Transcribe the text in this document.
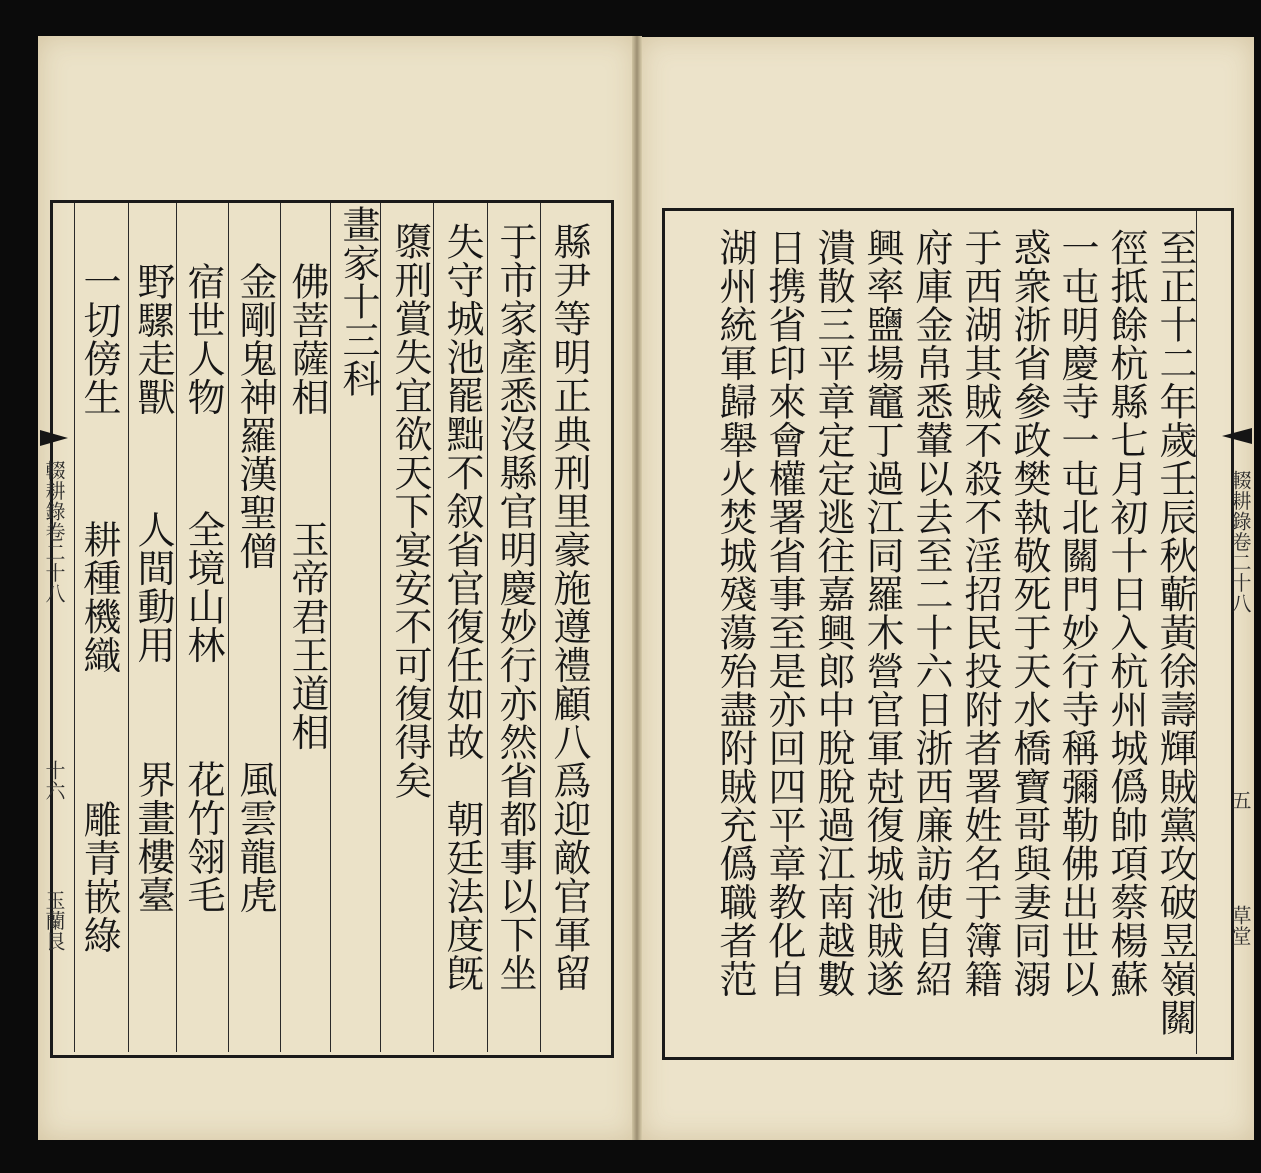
至正十二年歲壬辰秋蘄黃徐壽輝賊黨攻破昱嶺關
徑抵餘杭縣七月初十日入杭州城僞帥項蔡楊蘇
一屯明慶寺一屯北關門妙行寺稱彌勒佛出世以
惑衆浙省參政樊執敬死于天水橋寶哥與妻同溺
于西湖其賊不殺不淫招民投附者署姓名于簿籍
府庫金帛悉輦以去至二十六日浙西廉訪使自紹
興率鹽場竈丁過江同羅木營官軍尅復城池賊遂
潰散三平章定定逃往嘉興郎中脫脫過江南越數
日携省印來會權署省事至是亦回四平章教化自
湖州統軍歸舉火焚城殘蕩殆盡附賊充僞職者范	輟耕錄卷二十八
五
草堂
縣尹等明正典刑里豪施遵禮顧八爲迎敵官軍留
于市家產悉沒縣官明慶妙行亦然省都事以下坐
失守城池罷黜不叙省官復任如故　朝廷法度旣
隳刑賞失宜欲天下宴安不可復得矣
畫家十三科
佛菩薩相
玉帝君王道相
風雲龍虎
金剛鬼神羅漢聖僧
宿世人物
全境山林
花竹翎毛
野騾走獸
人間動用
界畫樓臺
一切傍生
耕種機織
雕青嵌綠
輟耕錄卷二十八
十六
玉蘭艮
